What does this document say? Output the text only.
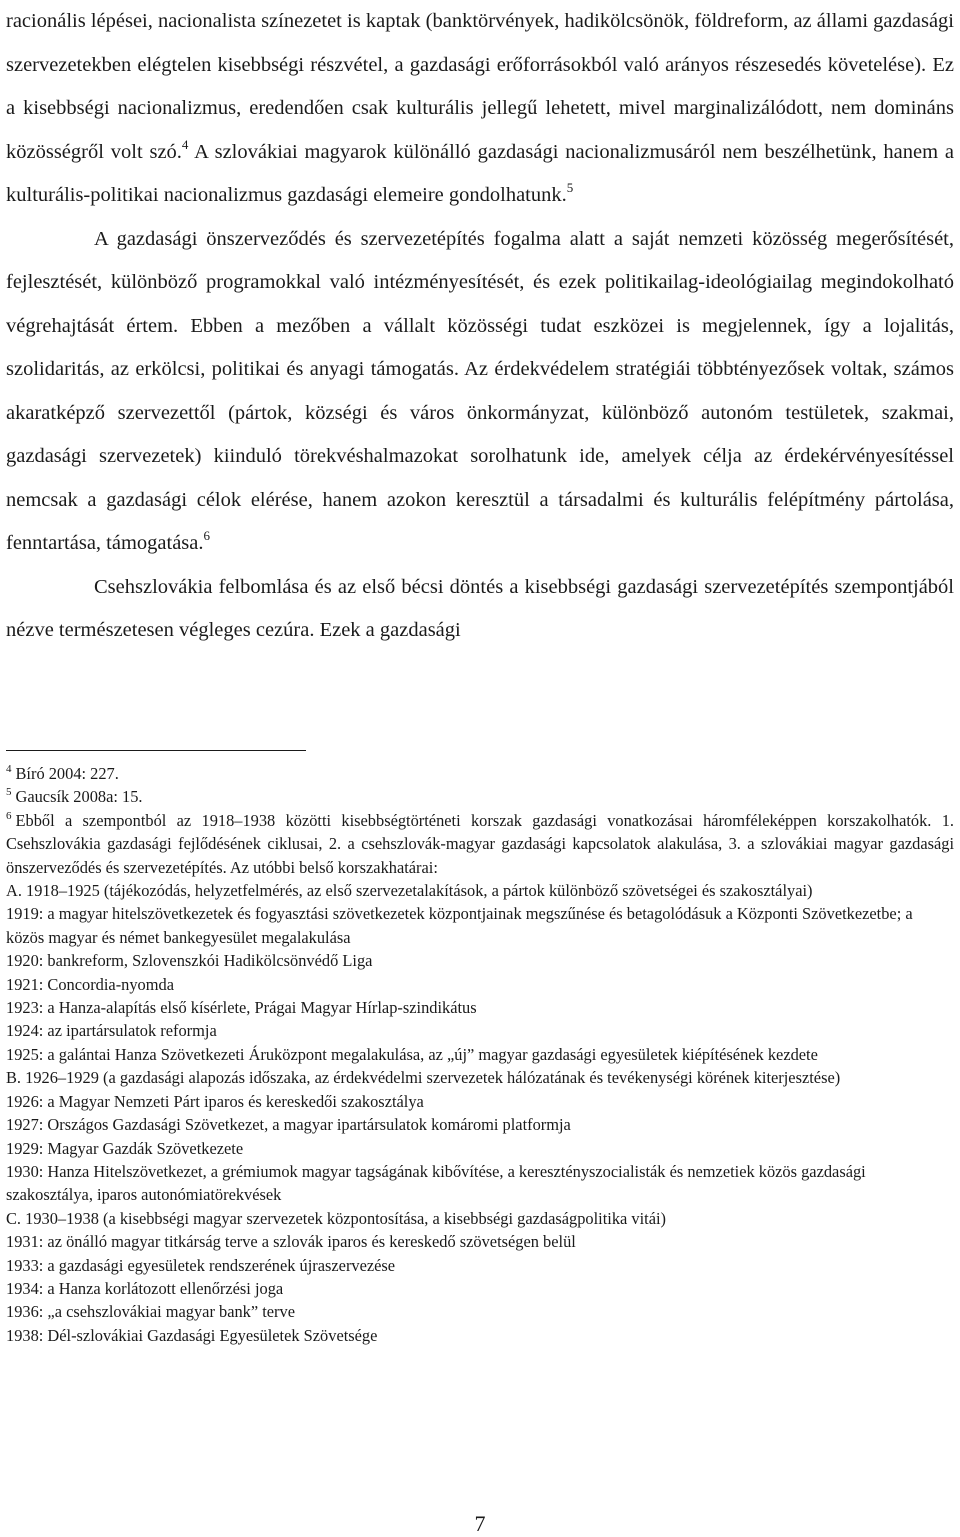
racionális lépései, nacionalista színezetet is kaptak (banktörvények, hadikölcsönök, földreform, az állami gazdasági szervezetekben elégtelen kisebbségi részvétel, a gazdasági erőforrásokból való arányos részesedés követelése). Ez a kisebbségi nacionalizmus, eredendően csak kulturális jellegű lehetett, mivel marginalizálódott, nem domináns közösségről volt szó.$^4$ A szlovákiai magyarok különálló gazdasági nacionalizmusáról nem beszélhetünk, hanem a kulturális-politikai nacionalizmus gazdasági elemeire gondolhatunk.$^5$

A gazdasági önszerveződés és szervezetépítés fogalma alatt a saját nemzeti közösség megerősítését, fejlesztését, különböző programokkal való intézményesítését, és ezek politikailag-ideológiailag megindokolható végrehajtását értem. Ebben a mezőben a vállalt közösségi tudat eszközei is megjelennek, így a lojalitás, szolidaritás, az erkölcsi, politikai és anyagi támogatás. Az érdekvédelem stratégiái többtényezősek voltak, számos akaratképző szervezettől (pártok, községi és város önkormányzat, különböző autonóm testületek, szakmai, gazdasági szervezetek) kiinduló törekvéshalmazokat sorolhatunk ide, amelyek célja az érdekérvényesítéssel nemcsak a gazdasági célok elérése, hanem azokon keresztül a társadalmi és kulturális felépítmény pártolása, fenntartása, támogatása.$^6$

Csehszlovákia felbomlása és az első bécsi döntés a kisebbségi gazdasági szervezetépítés szempontjából nézve természetesen végleges cezúra. Ezek a gazdasági

$^4$ Bíró 2004: 227.

$^5$ Gaucsík 2008a: 15.

$^6$ Ebből a szempontból az 1918–1938 közötti kisebbségtörténeti korszak gazdasági vonatkozásai háromféleképpen korszakolhatók. 1. Csehszlovákia gazdasági fejlődésének ciklusai, 2. a csehszlovák-magyar gazdasági kapcsolatok alakulása, 3. a szlovákiai magyar gazdasági önszerveződés és szervezetépítés. Az utóbbi belső korszakhatárai:

A. 1918–1925 (tájékozódás, helyzetfelmérés, az első szervezetalakítások, a pártok különböző szövetségei és szakosztályai)

1919: a magyar hitelszövetkezetek és fogyasztási szövetkezetek központjainak megszűnése és betagolódásuk a Központi Szövetkezetbe; a közös magyar és német bankegyesület megalakulása

1920: bankreform, Szlovenszkói Hadikölcsönvédő Liga

1921: Concordia-nyomda

1923: a Hanza-alapítás első kísérlete, Prágai Magyar Hírlap-szindikátus

1924: az ipartársulatok reformja

1925: a galántai Hanza Szövetkezeti Áruközpont megalakulása, az „új” magyar gazdasági egyesületek kiépítésének kezdete

B. 1926–1929 (a gazdasági alapozás időszaka, az érdekvédelmi szervezetek hálózatának és tevékenységi körének kiterjesztése)

1926: a Magyar Nemzeti Párt iparos és kereskedői szakosztálya

1927: Országos Gazdasági Szövetkezet, a magyar ipartársulatok komáromi platformja

1929: Magyar Gazdák Szövetkezete

1930: Hanza Hitelszövetkezet, a grémiumok magyar tagságának kibővítése, a keresztényszocialisták és nemzetiek közös gazdasági szakosztálya, iparos autonómiatörekvések

C. 1930–1938 (a kisebbségi magyar szervezetek központosítása, a kisebbségi gazdaságpolitika vitái)

1931: az önálló magyar titkárság terve a szlovák iparos és kereskedő szövetségen belül

1933: a gazdasági egyesületek rendszerének újraszervezése

1934: a Hanza korlátozott ellenőrzési joga

1936: „a csehszlovákiai magyar bank” terve

1938: Dél-szlovákiai Gazdasági Egyesületek Szövetsége

7
